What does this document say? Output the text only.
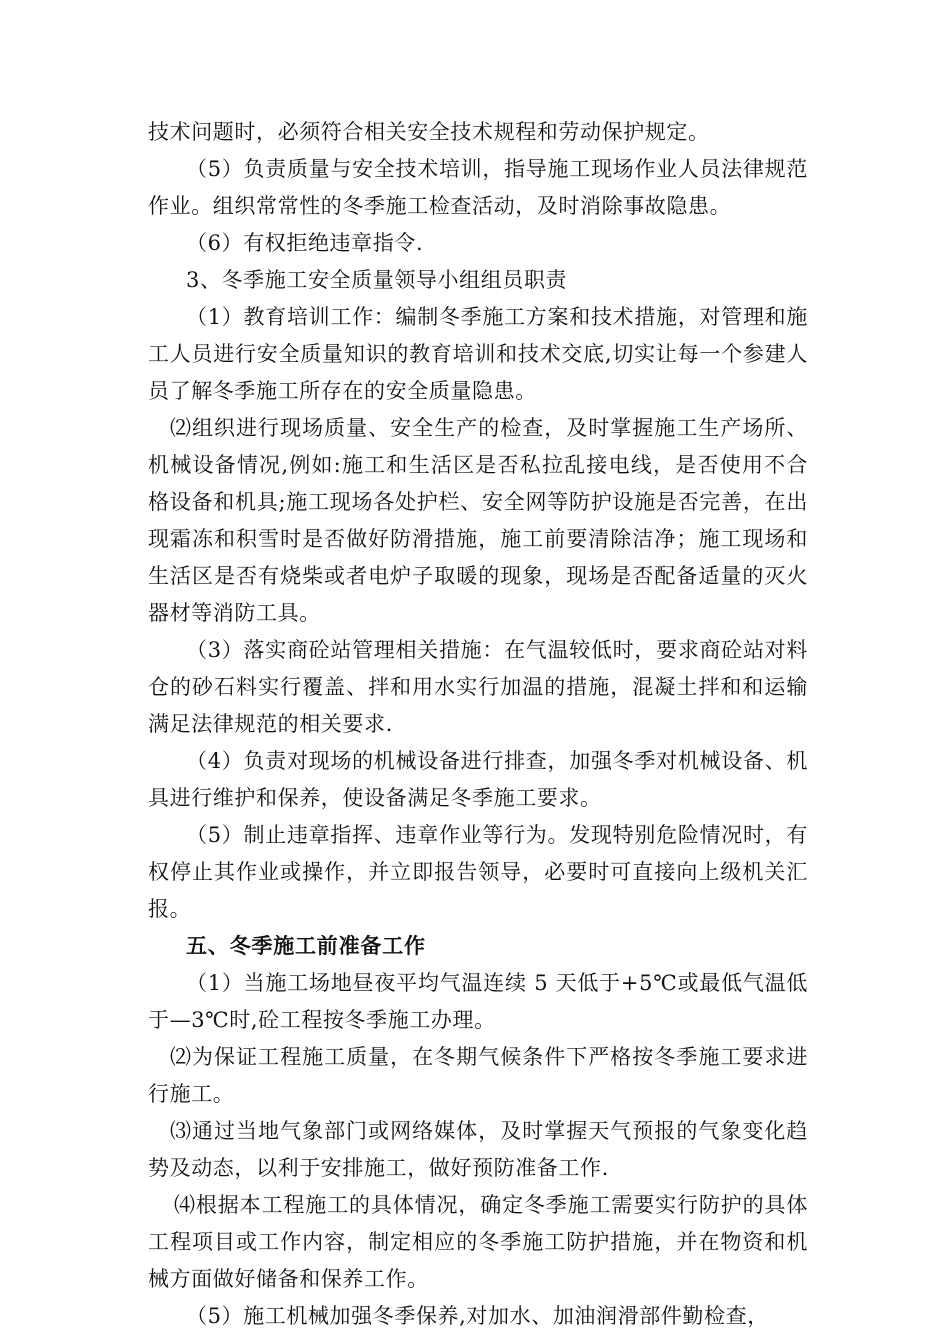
技术问题时，必须符合相关安全技术规程和劳动保护规定。

（5）负责质量与安全技术培训，指导施工现场作业人员法律规范作业。组织常常性的冬季施工检查活动，及时消除事故隐患。

（6）有权拒绝违章指令.

3、冬季施工安全质量领导小组组员职责

（1）教育培训工作：编制冬季施工方案和技术措施，对管理和施工人员进行安全质量知识的教育培训和技术交底,切实让每一个参建人员了解冬季施工所存在的安全质量隐患。

⑵组织进行现场质量、安全生产的检查，及时掌握施工生产场所、机械设备情况,例如:施工和生活区是否私拉乱接电线，是否使用不合格设备和机具;施工现场各处护栏、安全网等防护设施是否完善，在出现霜冻和积雪时是否做好防滑措施，施工前要清除洁净；施工现场和生活区是否有烧柴或者电炉子取暖的现象，现场是否配备适量的灭火器材等消防工具。

（3）落实商砼站管理相关措施：在气温较低时，要求商砼站对料仓的砂石料实行覆盖、拌和用水实行加温的措施，混凝土拌和和运输满足法律规范的相关要求.

（4）负责对现场的机械设备进行排查，加强冬季对机械设备、机具进行维护和保养，使设备满足冬季施工要求。

（5）制止违章指挥、违章作业等行为。发现特别危险情况时，有权停止其作业或操作，并立即报告领导，必要时可直接向上级机关汇报。

五、冬季施工前准备工作

（1）当施工场地昼夜平均气温连续 5 天低于+5℃或最低气温低于—3℃时,砼工程按冬季施工办理。

⑵为保证工程施工质量，在冬期气候条件下严格按冬季施工要求进行施工。

⑶通过当地气象部门或网络媒体，及时掌握天气预报的气象变化趋势及动态，以利于安排施工，做好预防准备工作.

⑷根据本工程施工的具体情况，确定冬季施工需要实行防护的具体工程项目或工作内容，制定相应的冬季施工防护措施，并在物资和机械方面做好储备和保养工作。

（5）施工机械加强冬季保养,对加水、加油润滑部件勤检查，
